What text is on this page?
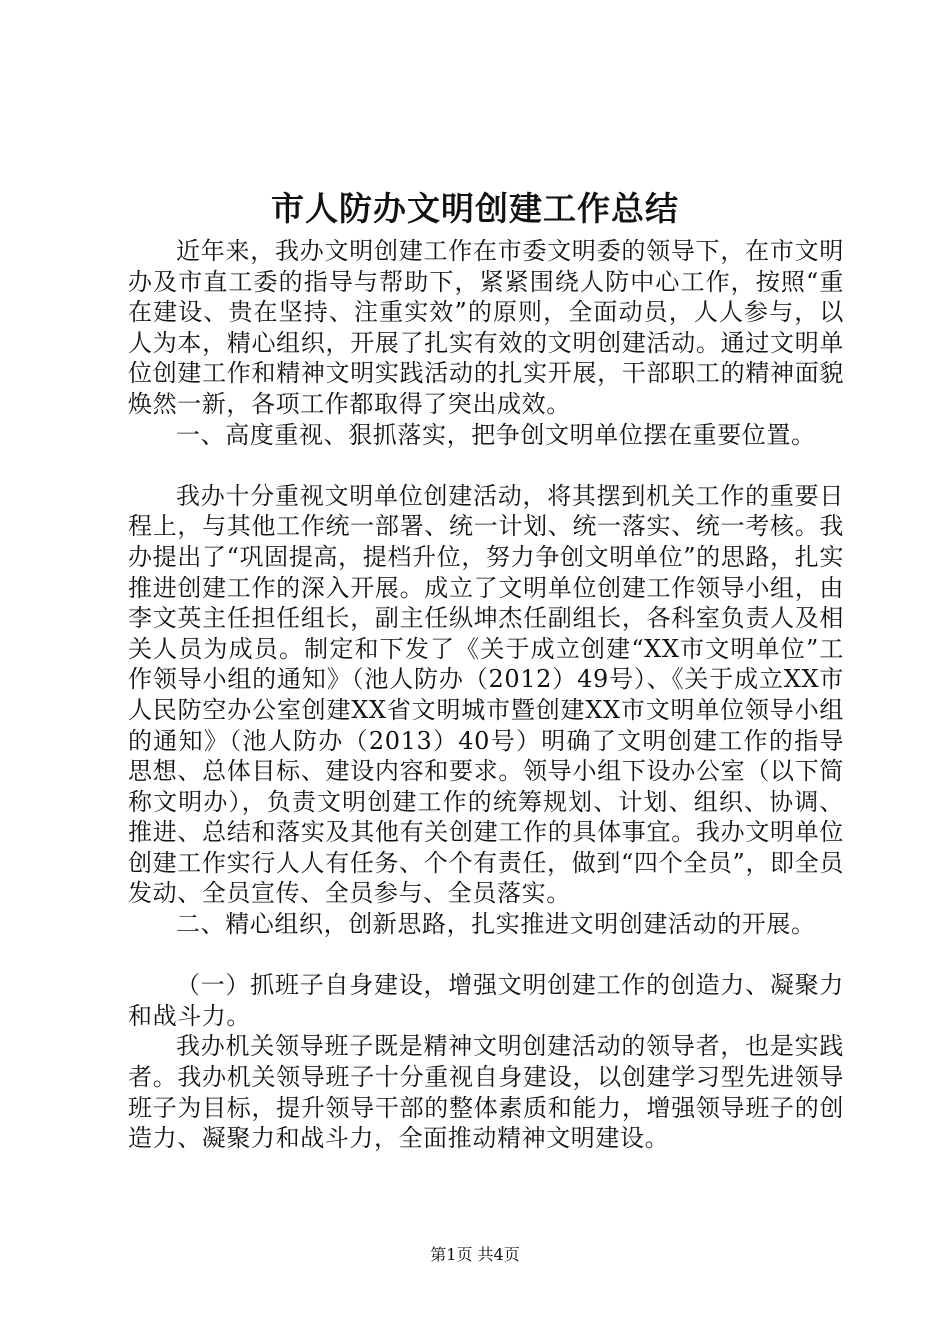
市人防办文明创建工作总结

近年来，我办文明创建工作在市委文明委的领导下，在市文明办及市直工委的指导与帮助下，紧紧围绕人防中心工作，按照“重在建设、贵在坚持、注重实效”的原则，全面动员，人人参与，以人为本，精心组织，开展了扎实有效的文明创建活动。通过文明单位创建工作和精神文明实践活动的扎实开展，干部职工的精神面貌焕然一新，各项工作都取得了突出成效。

一、高度重视、狠抓落实，把争创文明单位摆在重要位置。

我办十分重视文明单位创建活动，将其摆到机关工作的重要日程上，与其他工作统一部署、统一计划、统一落实、统一考核。我办提出了“巩固提高，提档升位，努力争创文明单位”的思路，扎实推进创建工作的深入开展。成立了文明单位创建工作领导小组，由李文英主任担任组长，副主任纵坤杰任副组长，各科室负责人及相关人员为成员。制定和下发了《关于成立创建“XX市文明单位”工作领导小组的通知》（池人防办（2012）49号）、《关于成立XX市人民防空办公室创建XX省文明城市暨创建XX市文明单位领导小组的通知》（池人防办（2013）40号）明确了文明创建工作的指导思想、总体目标、建设内容和要求。领导小组下设办公室（以下简称文明办），负责文明创建工作的统筹规划、计划、组织、协调、推进、总结和落实及其他有关创建工作的具体事宜。我办文明单位创建工作实行人人有任务、个个有责任，做到“四个全员”，即全员发动、全员宣传、全员参与、全员落实。

二、精心组织，创新思路，扎实推进文明创建活动的开展。

（一）抓班子自身建设，增强文明创建工作的创造力、凝聚力和战斗力。

我办机关领导班子既是精神文明创建活动的领导者，也是实践者。我办机关领导班子十分重视自身建设，以创建学习型先进领导班子为目标，提升领导干部的整体素质和能力，增强领导班子的创造力、凝聚力和战斗力，全面推动精神文明建设。

第1页 共4页
